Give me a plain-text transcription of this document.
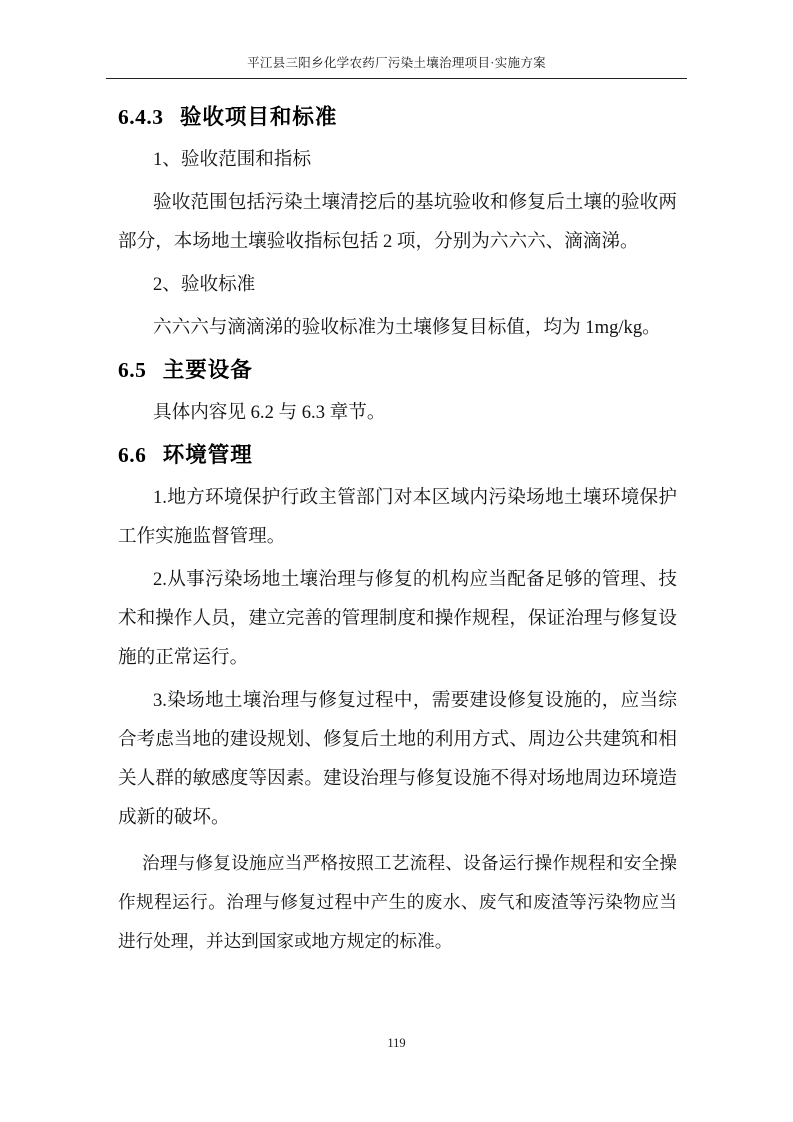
平江县三阳乡化学农药厂污染土壤治理项目·实施方案
6.4.3 验收项目和标准

1、验收范围和指标

验收范围包括污染土壤清挖后的基坑验收和修复后土壤的验收两部分，本场地土壤验收指标包括 2 项，分别为六六六、滴滴涕。

2、验收标准

六六六与滴滴涕的验收标准为土壤修复目标值，均为 1mg/kg。

6.5 主要设备

具体内容见 6.2 与 6.3 章节。

6.6 环境管理

1.地方环境保护行政主管部门对本区域内污染场地土壤环境保护工作实施监督管理。

2.从事污染场地土壤治理与修复的机构应当配备足够的管理、技术和操作人员，建立完善的管理制度和操作规程，保证治理与修复设施的正常运行。

3.染场地土壤治理与修复过程中，需要建设修复设施的，应当综合考虑当地的建设规划、修复后土地的利用方式、周边公共建筑和相关人群的敏感度等因素。建设治理与修复设施不得对场地周边环境造成新的破坏。

治理与修复设施应当严格按照工艺流程、设备运行操作规程和安全操作规程运行。治理与修复过程中产生的废水、废气和废渣等污染物应当进行处理，并达到国家或地方规定的标准。

119
